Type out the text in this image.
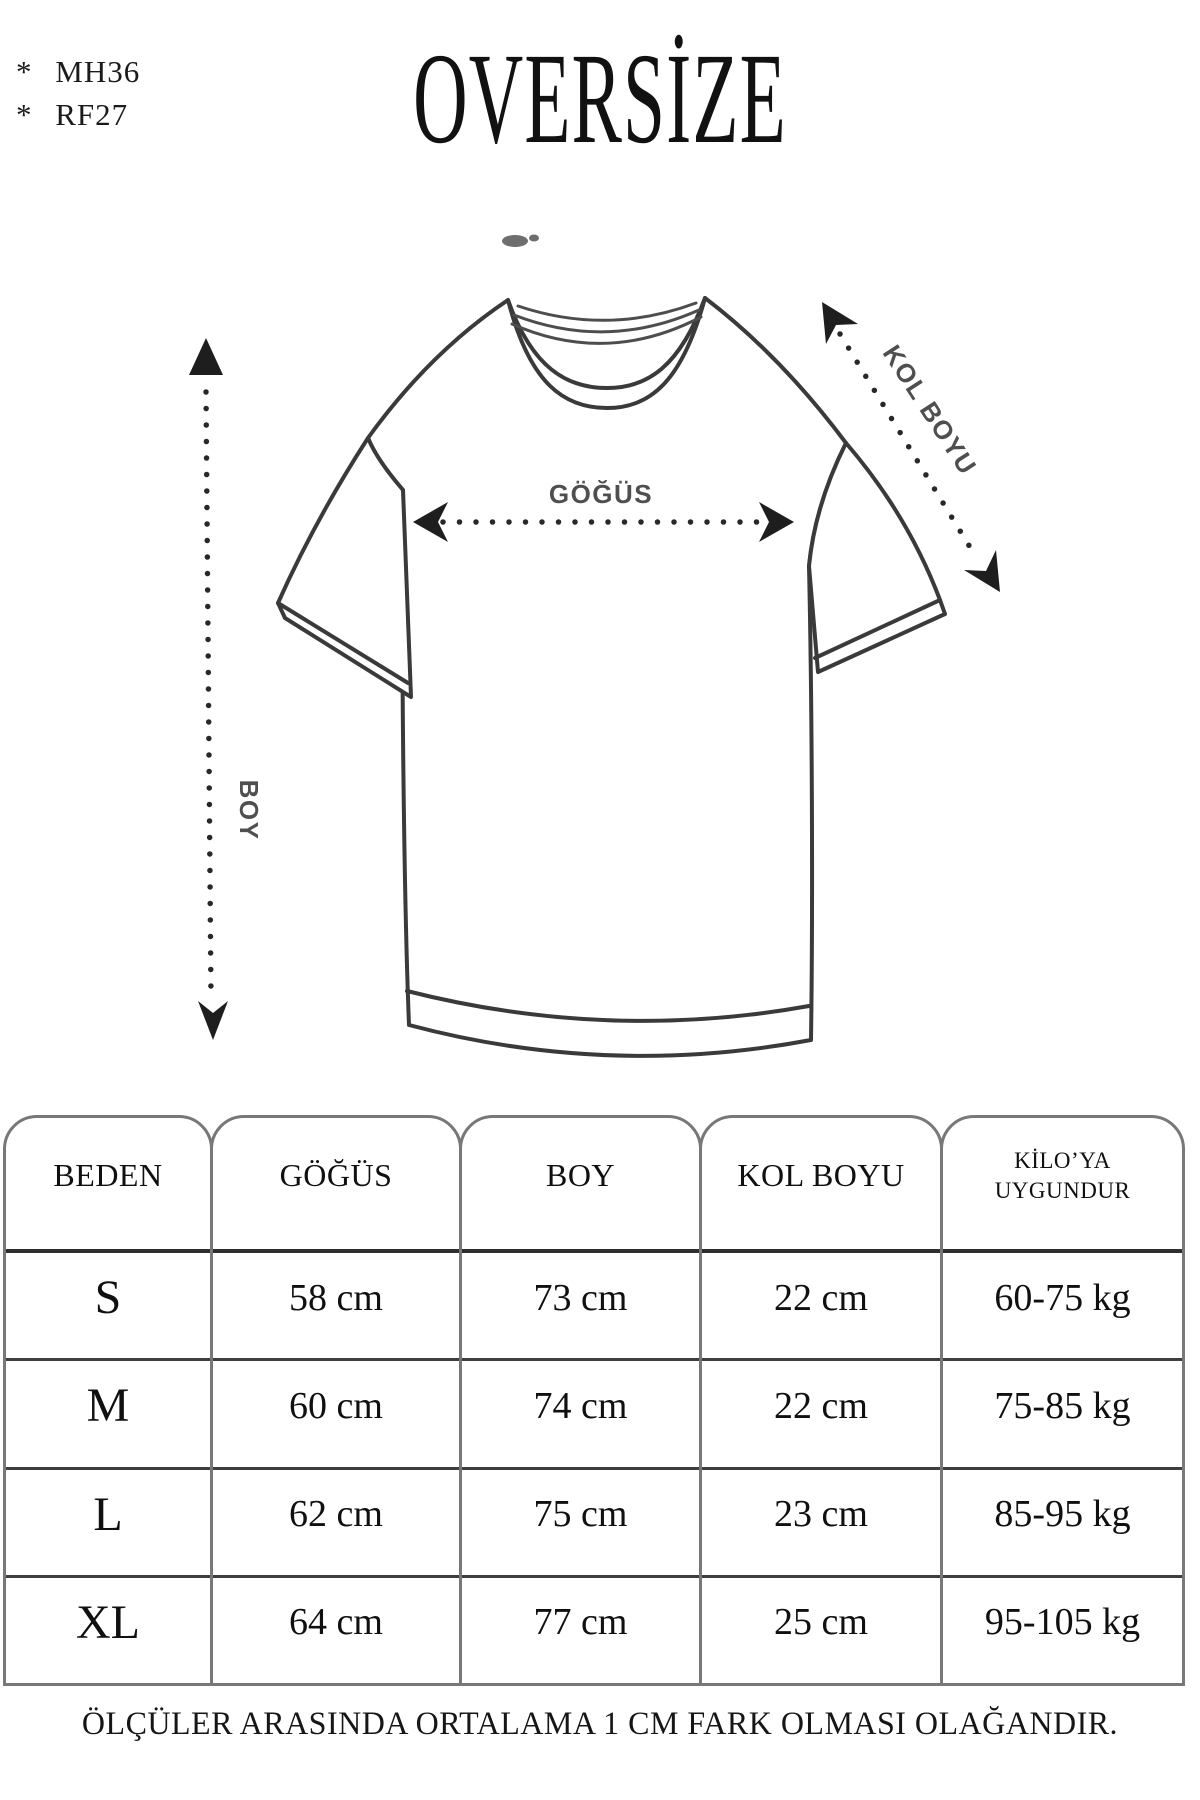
* MH36
* RF27	OVERSİZE
GÖĞÜS
BOY
KOL BOYU
BEDEN
S
M
L
XL
GÖĞÜS
58 cm
60 cm
62 cm
64 cm
BOY
73 cm
74 cm
75 cm
77 cm
KOL BOYU
22 cm
22 cm
23 cm
25 cm
KİLO’YA UYGUNDUR
60-75 kg
75-85 kg
85-95 kg
95-105 kg
ÖLÇÜLER ARASINDA ORTALAMA 1 CM FARK OLMASI OLAĞANDIR.
